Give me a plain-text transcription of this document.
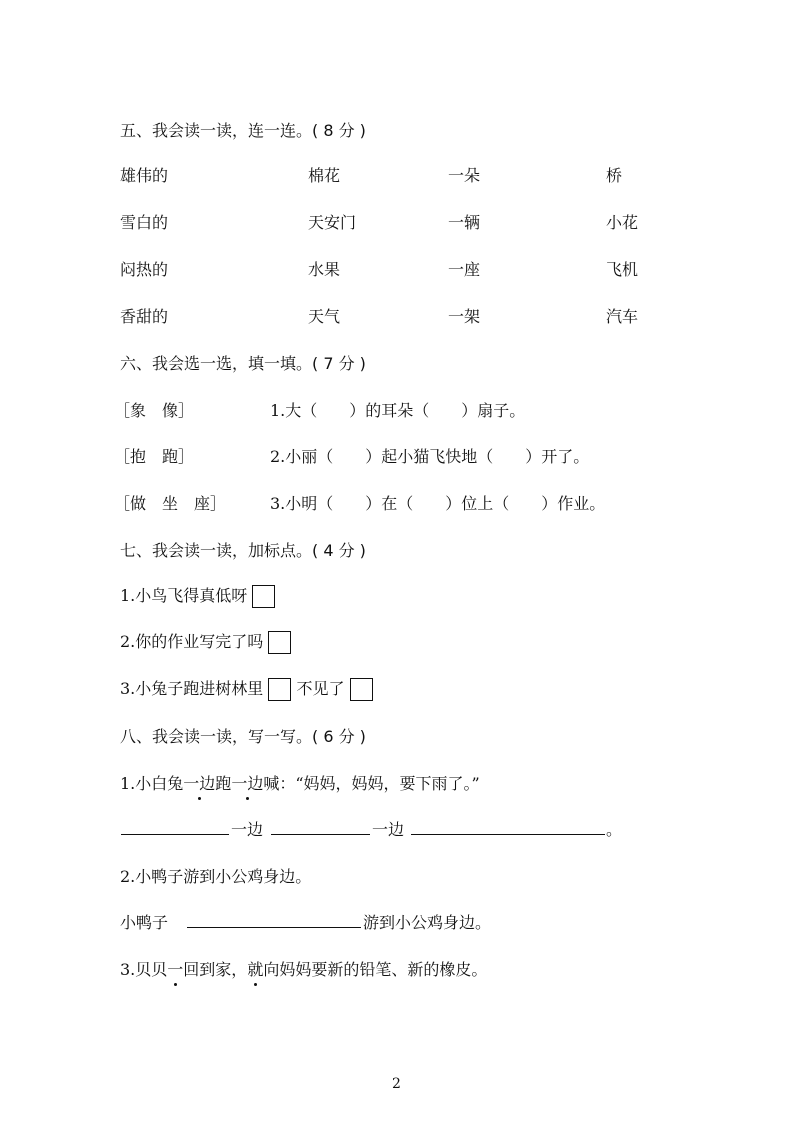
五、我会读一读，连一连。( 8 分 )
雄伟的	棉花	一朵	桥
雪白的	天安门	一辆	小花
闷热的	水果	一座	飞机
香甜的	天气	一架	汽车
六、我会选一选，填一填。( 7 分 )
［象　像］	1.大（　　）的耳朵（　　）扇子。
［抱　跑］	2.小丽（　　）起小猫飞快地（　　）开了。
［做　坐　座］	3.小明（　　）在（　　）位上（　　）作业。
七、我会读一读，加标点。( 4 分 )
1.小鸟飞得真低呀
2.你的作业写完了吗
3.小兔子跑进树林里 不见了
八、我会读一读，写一写。( 6 分 )
1.小白兔一边跑一边喊：“妈妈，妈妈，要下雨了。”
一边	一边	。
2.小鸭子游到小公鸡身边。
小鸭子	游到小公鸡身边。
3.贝贝一回到家，就向妈妈要新的铅笔、新的橡皮。
2
